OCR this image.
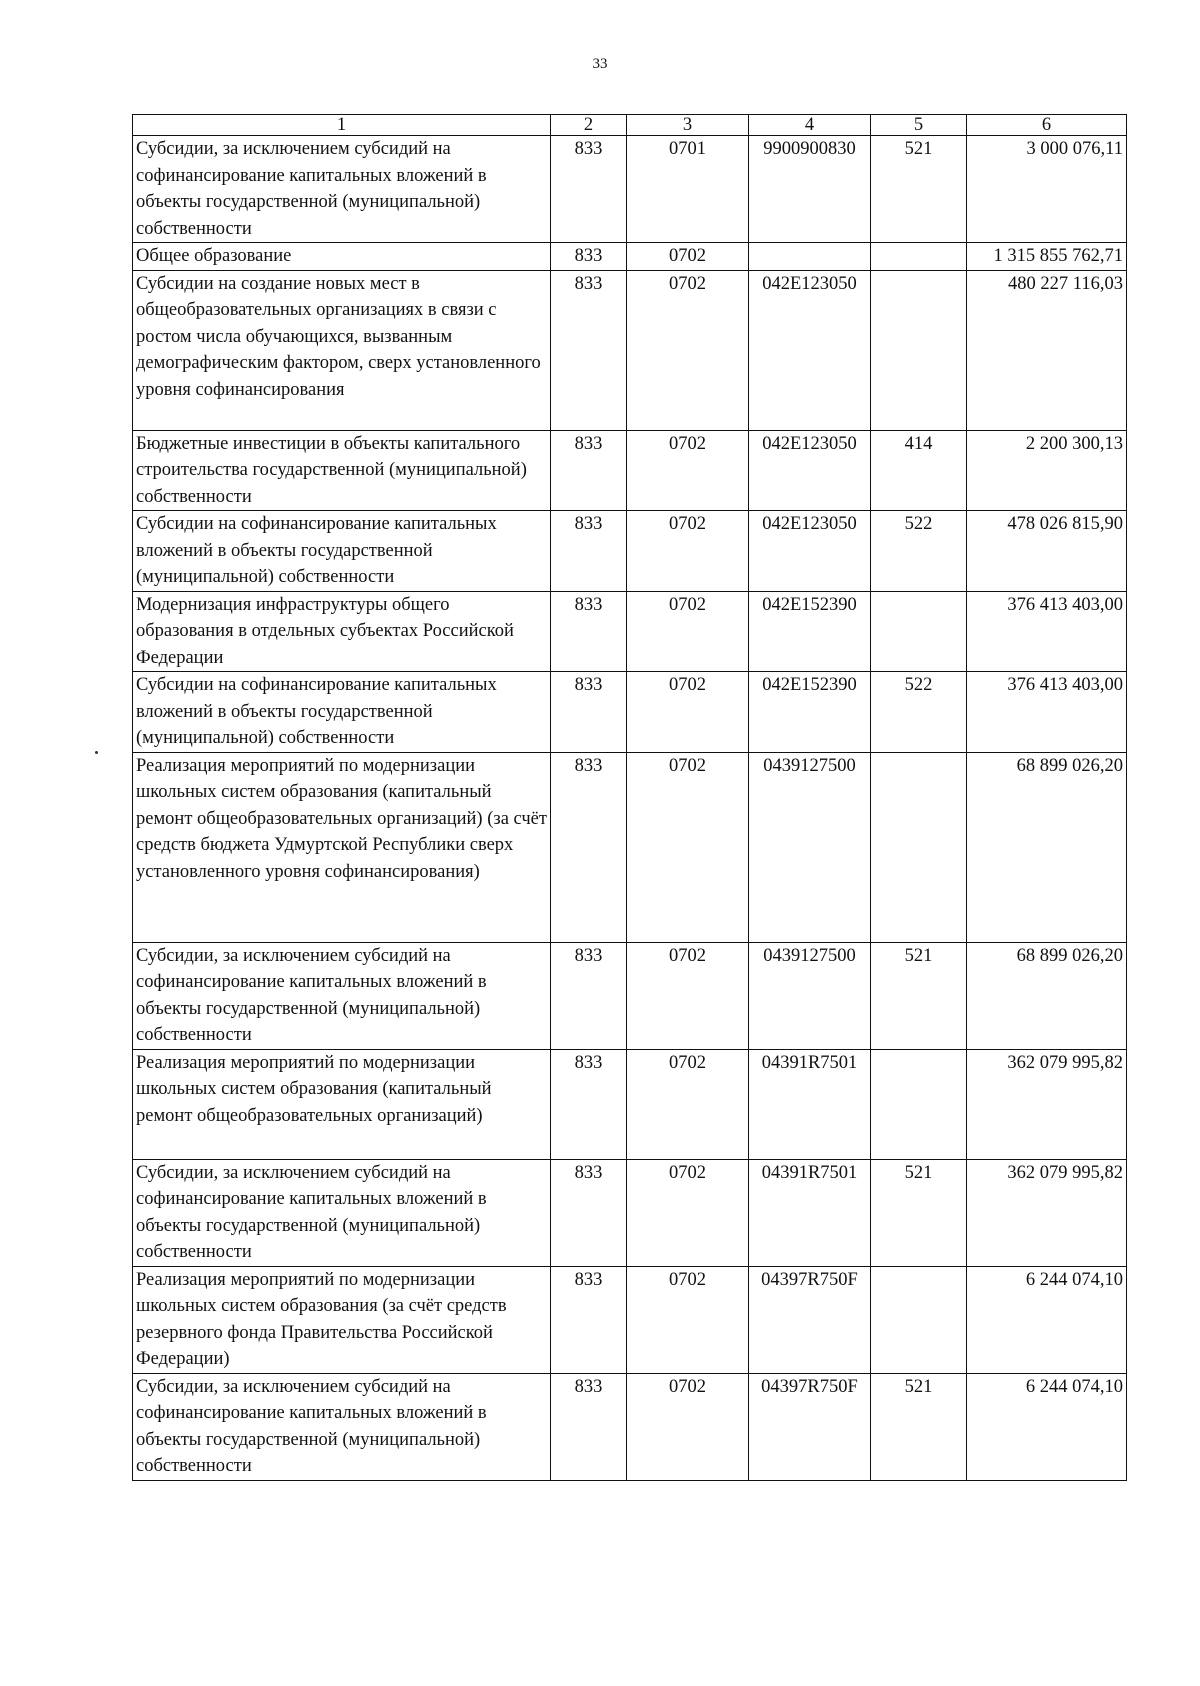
33
1	2	3	4	5	6
Субсидии, за исключением субсидий на софинансирование капитальных вложений в объекты государственной (муниципальной) собственности	833	0701	9900900830	521	3 000 076,11
Общее образование	833	0702			1 315 855 762,71
Субсидии на создание новых мест в общеобразовательных организациях в связи с ростом числа обучающихся, вызванным демографическим фактором, сверх установленного уровня софинансирования	833	0702	042E123050		480 227 116,03
Бюджетные инвестиции в объекты капитального строительства государственной (муниципальной) собственности	833	0702	042E123050	414	2 200 300,13
Субсидии на софинансирование капитальных вложений в объекты государственной (муниципальной) собственности	833	0702	042E123050	522	478 026 815,90
Модернизация инфраструктуры общего образования в отдельных субъектах Российской Федерации	833	0702	042E152390		376 413 403,00
Субсидии на софинансирование капитальных вложений в объекты государственной (муниципальной) собственности	833	0702	042E152390	522	376 413 403,00
Реализация мероприятий по модернизации школьных систем образования (капитальный ремонт общеобразовательных организаций) (за счёт средств бюджета Удмуртской Республики сверх установленного уровня софинансирования)	833	0702	0439127500		68 899 026,20
Субсидии, за исключением субсидий на софинансирование капитальных вложений в объекты государственной (муниципальной) собственности	833	0702	0439127500	521	68 899 026,20
Реализация мероприятий по модернизации школьных систем образования (капитальный ремонт общеобразовательных организаций)	833	0702	04391R7501		362 079 995,82
Субсидии, за исключением субсидий на софинансирование капитальных вложений в объекты государственной (муниципальной) собственности	833	0702	04391R7501	521	362 079 995,82
Реализация мероприятий по модернизации школьных систем образования (за счёт средств резервного фонда Правительства Российской Федерации)	833	0702	04397R750F		6 244 074,10
Субсидии, за исключением субсидий на софинансирование капитальных вложений в объекты государственной (муниципальной) собственности	833	0702	04397R750F	521	6 244 074,10
